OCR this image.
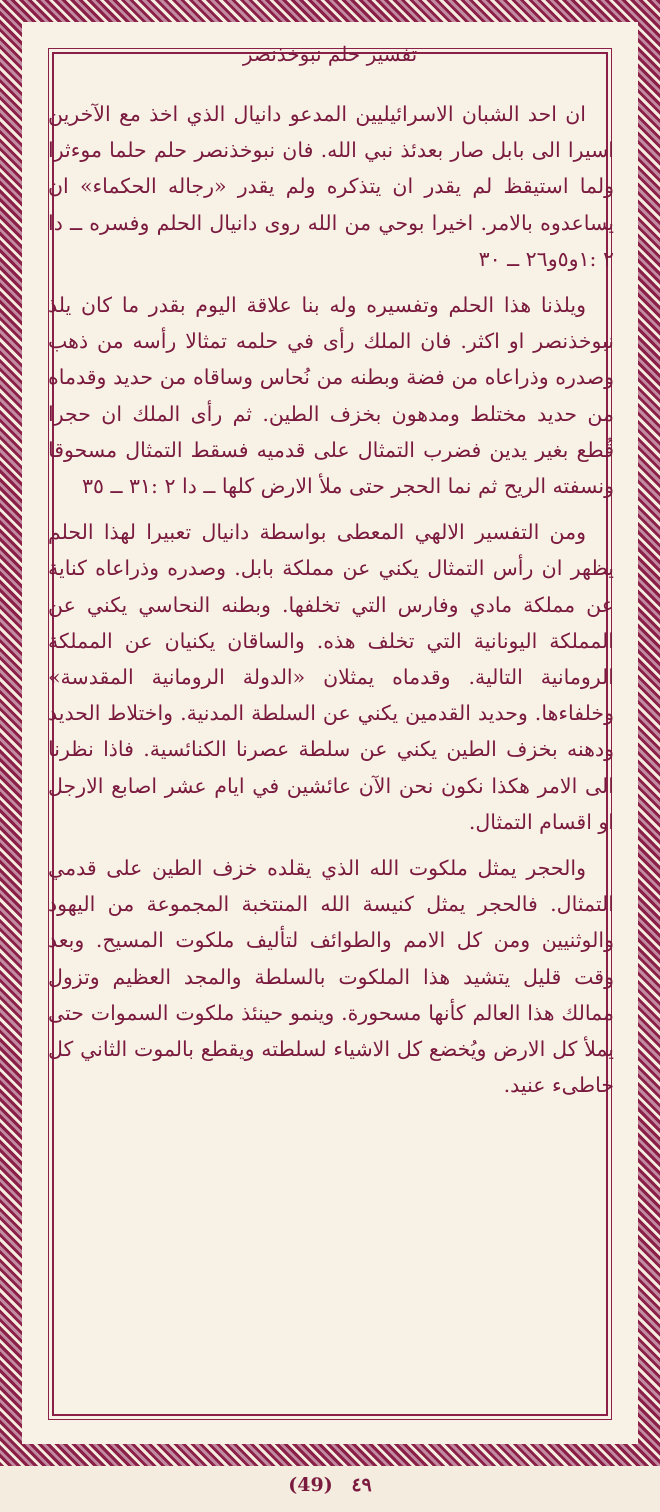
تفسير حلم نبوخذنصر

ان احد الشبان الاسرائيليين المدعو دانيال الذي اخذ مع الآخرين اسيرا الى بابل صار بعدئذ نبي الله. فان نبوخذنصر حلم حلما موءثرا ولما استيقظ لم يقدر ان يتذكره ولم يقدر «رجاله الحكماء» ان يساعدوه بالامر. اخيرا بوحي من الله روى دانيال الحلم وفسره ــ دا ٢ :١و٥و٢٦ ــ ٣٠

ويلذنا هذا الحلم وتفسيره وله بنا علاقة اليوم بقدر ما كان يلذ نبوخذنصر او اكثر. فان الملك رأى في حلمه تمثالا رأسه من ذهب وصدره وذراعاه من فضة وبطنه من نُحاس وساقاه من حديد وقدماه من حديد مختلط ومدهون بخزف الطين. ثم رأى الملك ان حجرا قُطع بغير يدين فضرب التمثال على قدميه فسقط التمثال مسحوقا ونسفته الريح ثم نما الحجر حتى ملأ الارض كلها ــ دا ٢ :٣١ ــ ٣٥

ومن التفسير الالهي المعطى بواسطة دانيال تعبيرا لهذا الحلم يظهر ان رأس التمثال يكني عن مملكة بابل. وصدره وذراعاه كناية عن مملكة مادي وفارس التي تخلفها. وبطنه النحاسي يكني عن المملكة اليونانية التي تخلف هذه. والساقان يكنيان عن المملكة الرومانية التالية. وقدماه يمثلان «الدولة الرومانية المقدسة» وخلفاءها. وحديد القدمين يكني عن السلطة المدنية. واختلاط الحديد ودهنه بخزف الطين يكني عن سلطة عصرنا الكنائسية. فاذا نظرنا الى الامر هكذا نكون نحن الآن عائشين في ايام عشر اصابع الارجل او اقسام التمثال.

والحجر يمثل ملكوت الله الذي يقلده خزف الطين على قدمي التمثال. فالحجر يمثل كنيسة الله المنتخبة المجموعة من اليهود والوثنيين ومن كل الامم والطوائف لتأليف ملكوت المسيح. وبعد وقت قليل يتشيد هذا الملكوت بالسلطة والمجد العظيم وتزول ممالك هذا العالم كأنها مسحورة. وينمو حينئذ ملكوت السموات حتى يملأ كل الارض ويُخضع كل الاشياء لسلطته ويقطع بالموت الثاني كل خاطىء عنيد.

(49) ٤٩
